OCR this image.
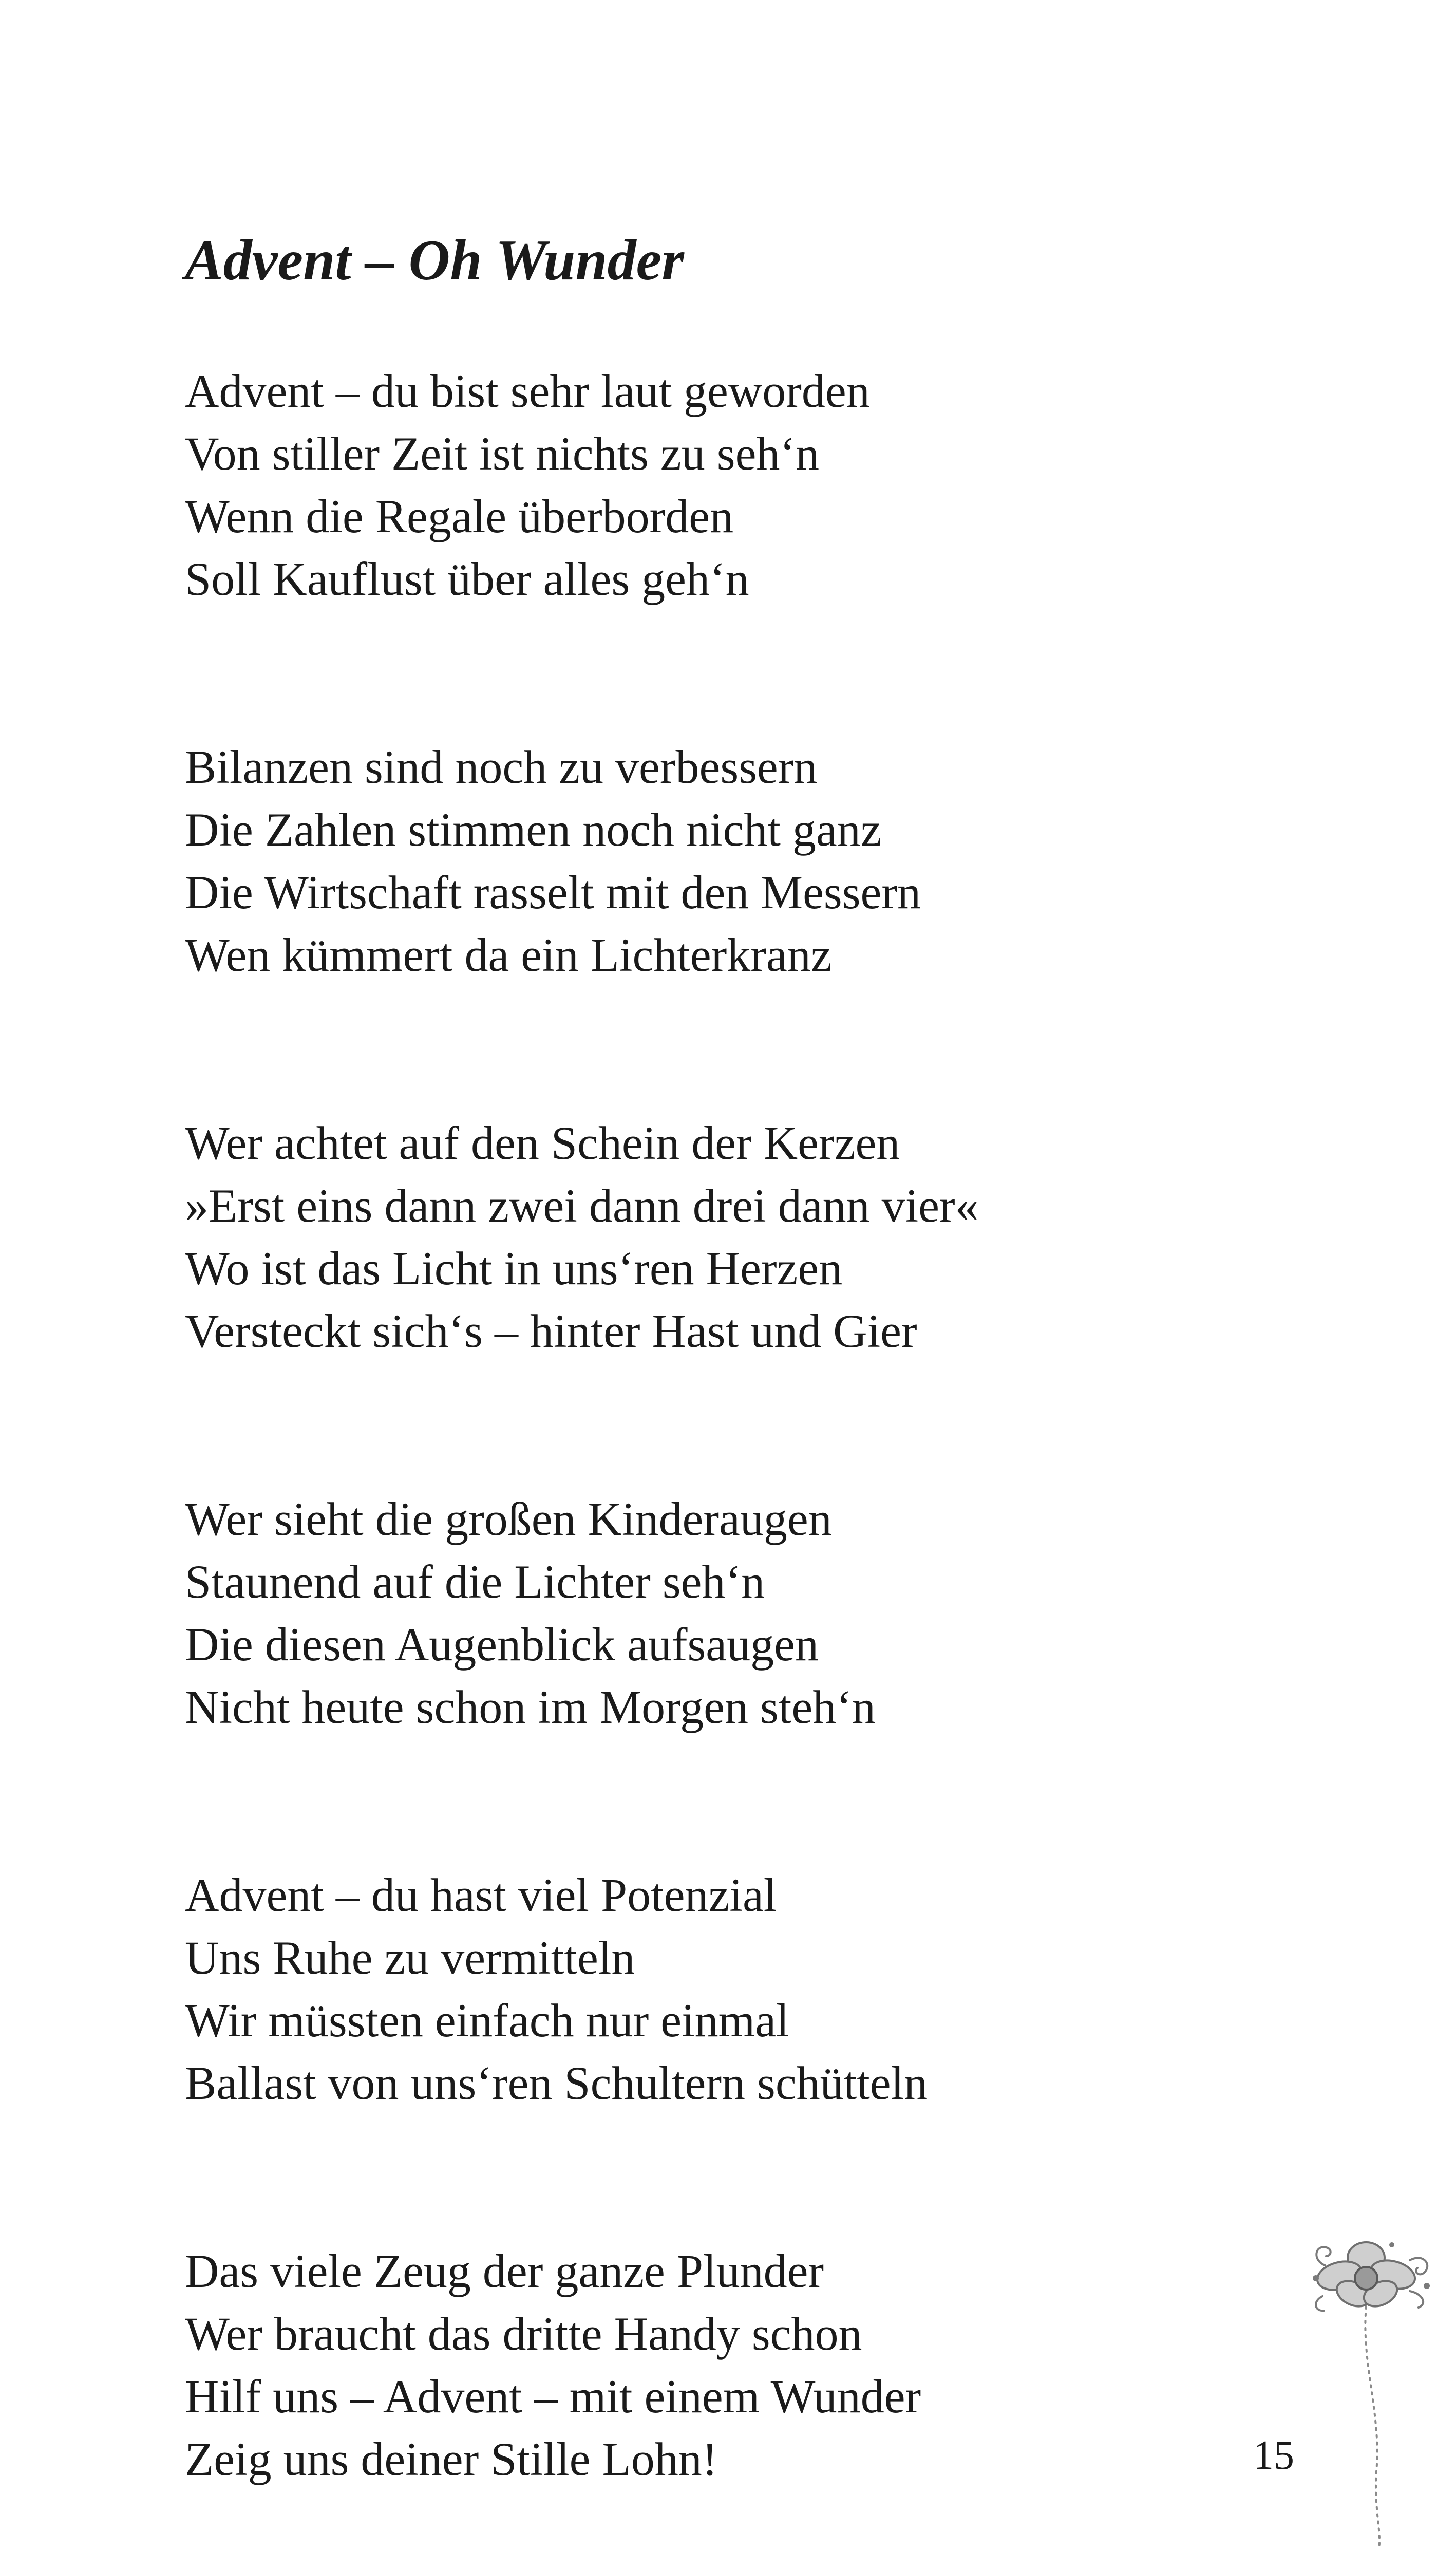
Advent – Oh Wunder

Advent – du bist sehr laut geworden
Von stiller Zeit ist nichts zu seh‘n
Wenn die Regale überborden
Soll Kauflust über alles geh‘n

Bilanzen sind noch zu verbessern
Die Zahlen stimmen noch nicht ganz
Die Wirtschaft rasselt mit den Messern
Wen kümmert da ein Lichterkranz

Wer achtet auf den Schein der Kerzen
»Erst eins dann zwei dann drei dann vier«
Wo ist das Licht in uns‘ren Herzen
Versteckt sich‘s – hinter Hast und Gier

Wer sieht die großen Kinderaugen
Staunend auf die Lichter seh‘n
Die diesen Augenblick aufsaugen
Nicht heute schon im Morgen steh‘n

Advent – du hast viel Potenzial
Uns Ruhe zu vermitteln
Wir müssten einfach nur einmal
Ballast von uns‘ren Schultern schütteln

Das viele Zeug der ganze Plunder
Wer braucht das dritte Handy schon
Hilf uns – Advent – mit einem Wunder
Zeig uns deiner Stille Lohn!	15
